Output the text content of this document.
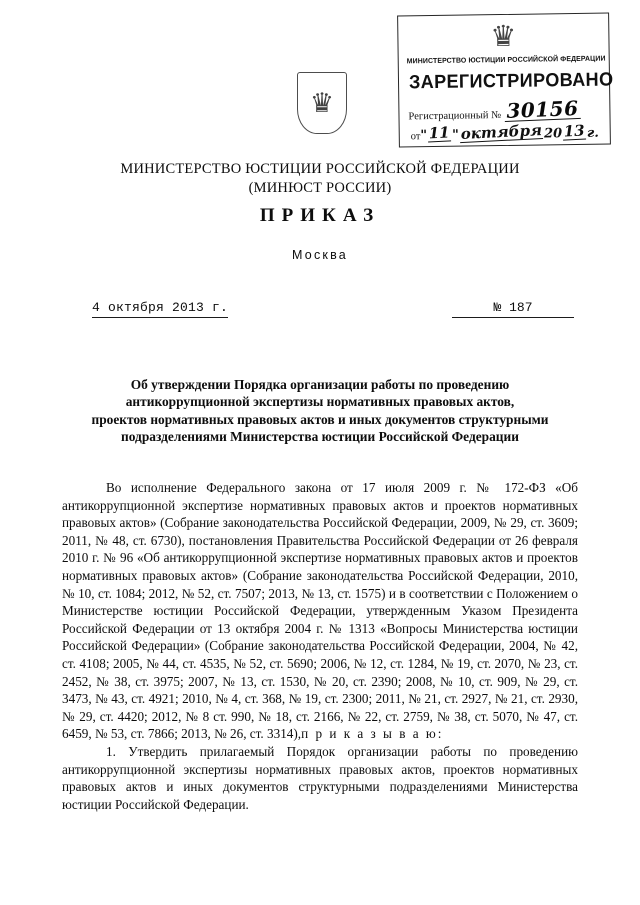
♛
МИНИСТЕРСТВО ЮСТИЦИИ РОССИЙСКОЙ ФЕДЕРАЦИИ
ЗАРЕГИСТРИРОВАНО
Регистрационный № 30156
от " 11 " октября 20 13 г.
♛
МИНИСТЕРСТВО ЮСТИЦИИ РОССИЙСКОЙ ФЕДЕРАЦИИ
(МИНЮСТ РОССИИ)
ПРИКАЗ
Москва
4 октября 2013 г.	№ 187
Об утверждении Порядка организации работы по проведению
антикоррупционной экспертизы нормативных правовых актов,
проектов нормативных правовых актов и иных документов структурными
подразделениями Министерства юстиции Российской Федерации

Во исполнение Федерального закона от 17 июля 2009 г. № 172-ФЗ «Об антикоррупционной экспертизе нормативных правовых актов и проектов нормативных правовых актов» (Собрание законодательства Российской Федерации, 2009, № 29, ст. 3609; 2011, № 48, ст. 6730), постановления Правительства Российской Федерации от 26 февраля 2010 г. № 96 «Об антикоррупционной экспертизе нормативных правовых актов и проектов нормативных правовых актов» (Собрание законодательства Российской Федерации, 2010, № 10, ст. 1084; 2012, № 52, ст. 7507; 2013, № 13, ст. 1575) и в соответствии с Положением о Министерстве юстиции Российской Федерации, утвержденным Указом Президента Российской Федерации от 13 октября 2004 г. № 1313 «Вопросы Министерства юстиции Российской Федерации» (Собрание законодательства Российской Федерации, 2004, № 42, ст. 4108; 2005, № 44, ст. 4535, № 52, ст. 5690; 2006, № 12, ст. 1284, № 19, ст. 2070, № 23, ст. 2452, № 38, ст. 3975; 2007, № 13, ст. 1530, № 20, ст. 2390; 2008, № 10, ст. 909, № 29, ст. 3473, № 43, ст. 4921; 2010, № 4, ст. 368, № 19, ст. 2300; 2011, № 21, ст. 2927, № 21, ст. 2930, № 29, ст. 4420; 2012, № 8 ст. 990, № 18, ст. 2166, № 22, ст. 2759, № 38, ст. 5070, № 47, ст. 6459, № 53, ст. 7866; 2013, № 26, ст. 3314),п р и к а з ы в а ю:

1. Утвердить прилагаемый Порядок организации работы по проведению антикоррупционной экспертизы нормативных правовых актов, проектов нормативных правовых актов и иных документов структурными подразделениями Министерства юстиции Российской Федерации.
